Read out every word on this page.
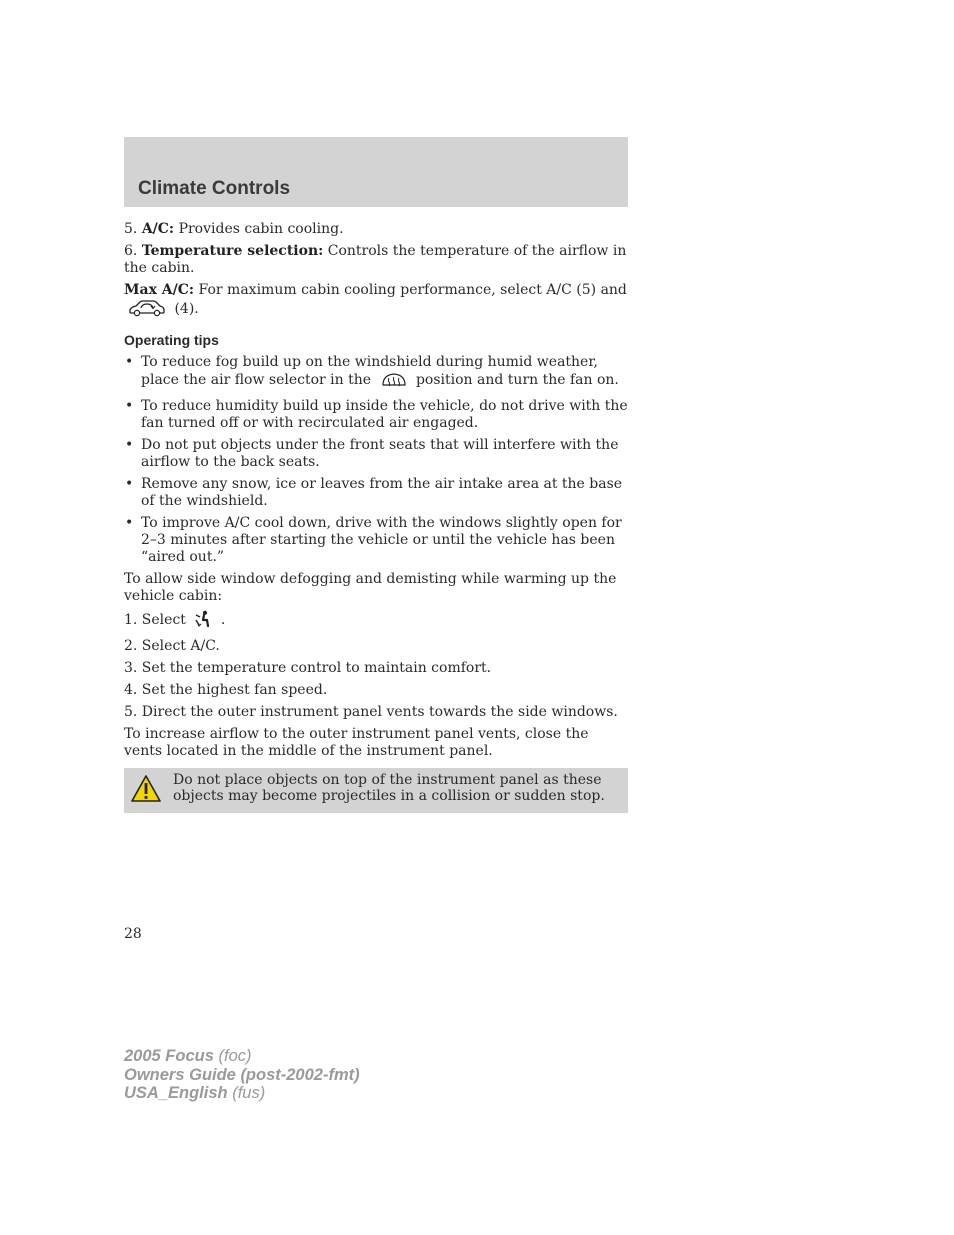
Climate Controls

5. A/C: Provides cabin cooling.

6. Temperature selection: Controls the temperature of the airflow in the cabin.

Max A/C: For maximum cabin cooling performance, select A/C (5) and  (4).

Operating tips
• To reduce fog build up on the windshield during humid weather, place the air flow selector in the	position and turn the fan on.
• To reduce humidity build up inside the vehicle, do not drive with the fan turned off or with recirculated air engaged.
• Do not put objects under the front seats that will interfere with the airflow to the back seats.
• Remove any snow, ice or leaves from the air intake area at the base of the windshield.
• To improve A/C cool down, drive with the windows slightly open for 2–3 minutes after starting the vehicle or until the vehicle has been “aired out.”

To allow side window defogging and demisting while warming up the vehicle cabin:

1. Select .

2. Select A/C.

3. Set the temperature control to maintain comfort.

4. Set the highest fan speed.

5. Direct the outer instrument panel vents towards the side windows.

To increase airflow to the outer instrument panel vents, close the vents located in the middle of the instrument panel.

Do not place objects on top of the instrument panel as these objects may become projectiles in a collision or sudden stop.
28
2005 Focus (foc)
Owners Guide (post-2002-fmt)
USA_English (fus)
